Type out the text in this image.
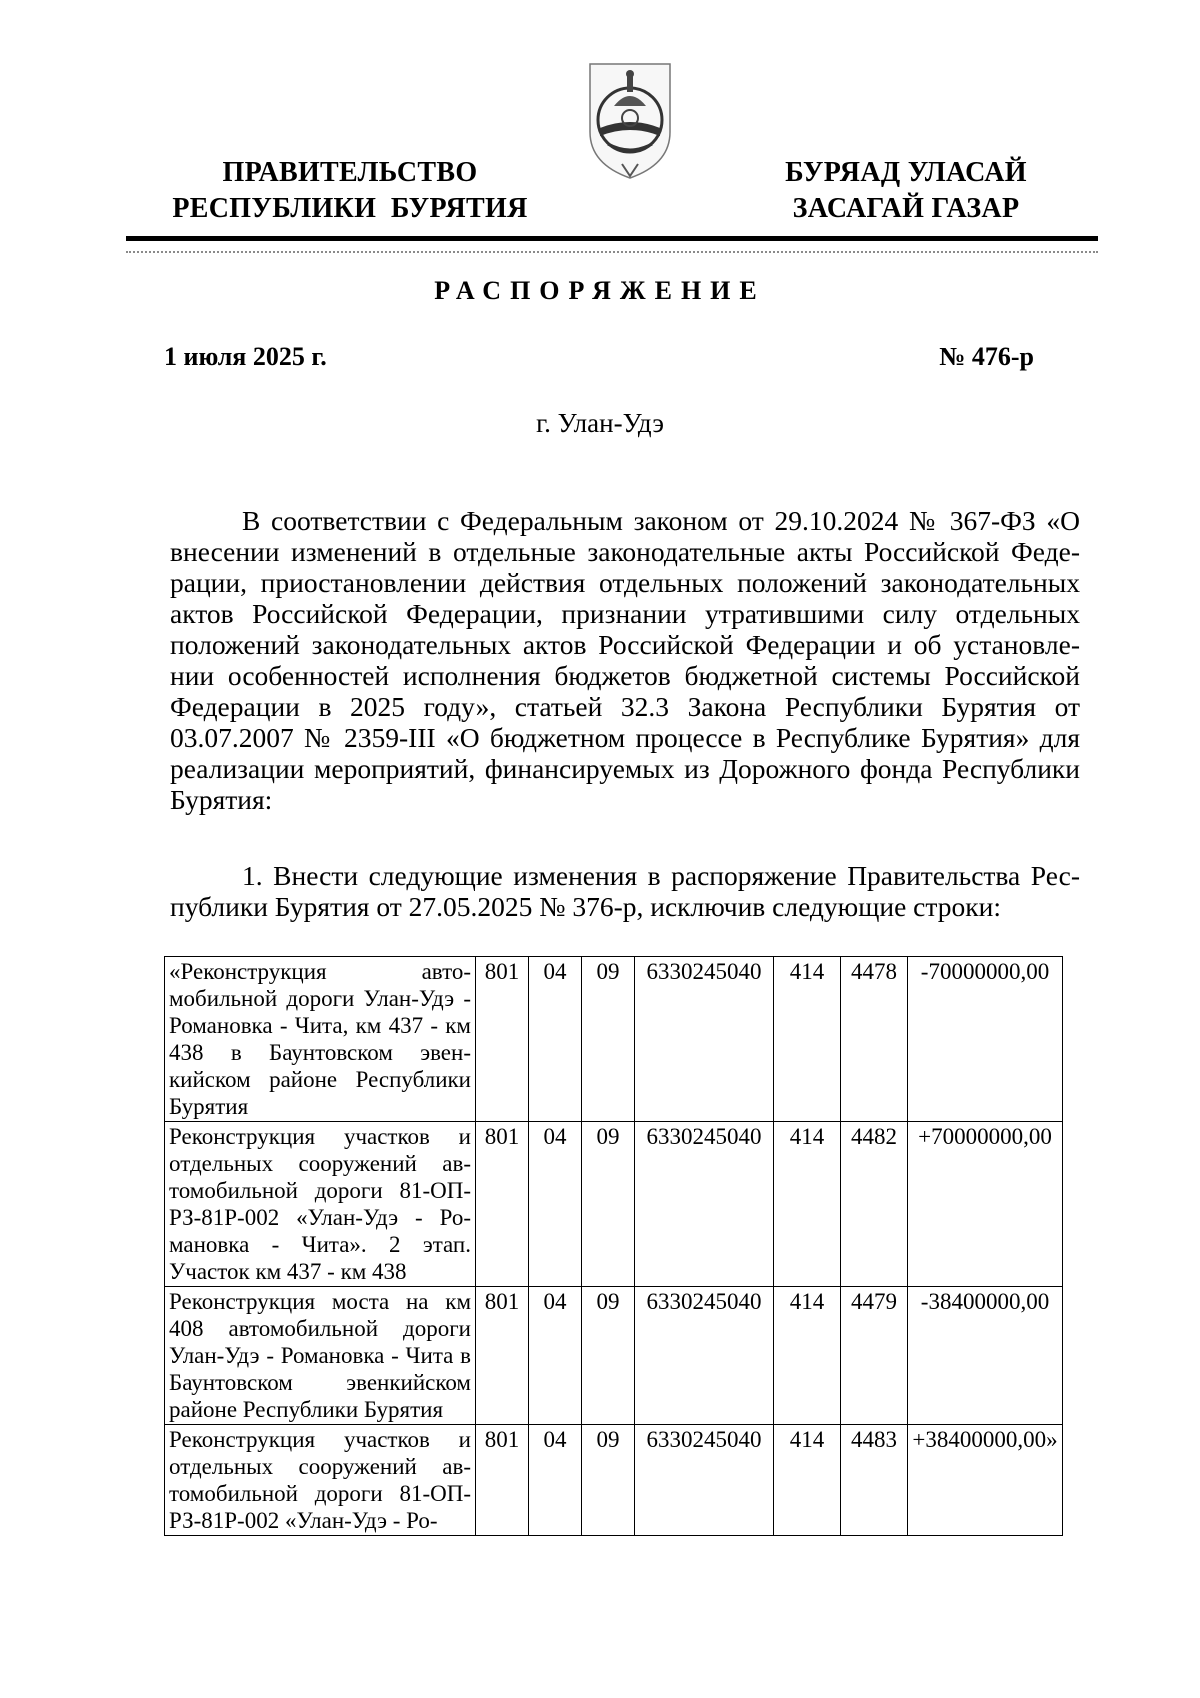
ПРАВИТЕЛЬСТВО
РЕСПУБЛИКИ  БУРЯТИЯ
БУРЯАД УЛАСАЙ
ЗАСАГАЙ ГАЗАР
РАСПОРЯЖЕНИЕ
1 июля 2025 г.	№ 476-р
г. Улан-Удэ
В соответствии с Федеральным законом от 29.10.2024 № 367-ФЗ «О внесении изменений в отдельные законодательные акты Российской Федерации, приостановлении действия отдельных положений законодательных актов Российской Федерации, признании утратившими силу отдельных положений законодательных актов Российской Федерации и об установлении особенностей исполнения бюджетов бюджетной системы Российской Федерации в 2025 году», статьей 32.3 Закона Республики Бурятия от 03.07.2007 № 2359-III «О бюджетном процессе в Республике Бурятия» для реализации мероприятий, финансируемых из Дорожного фонда Республики Бурятия:
1. Внести следующие изменения в распоряжение Правительства Республики Бурятия от 27.05.2025 № 376-р, исключив следующие строки:
«Реконструкция автомобильной дороги Улан-Удэ - Романовка - Чита, км 437 - км 438 в Баунтовском эвенкийском районе Республики Бурятия	801	04	09	6330245040	414	4478	-70000000,00
Реконструкция участков и отдельных сооружений автомобильной дороги 81-ОП-РЗ-81Р-002 «Улан-Удэ - Романовка - Чита». 2 этап. Участок км 437 - км 438	801	04	09	6330245040	414	4482	+70000000,00
Реконструкция моста на км 408 автомобильной дороги Улан-Удэ - Романовка - Чита в Баунтовском эвенкийском районе Республики Бурятия	801	04	09	6330245040	414	4479	-38400000,00
Реконструкция участков и отдельных сооружений автомобильной дороги 81-ОП-РЗ-81Р-002 «Улан-Удэ - Ро-	801	04	09	6330245040	414	4483	+38400000,00»
